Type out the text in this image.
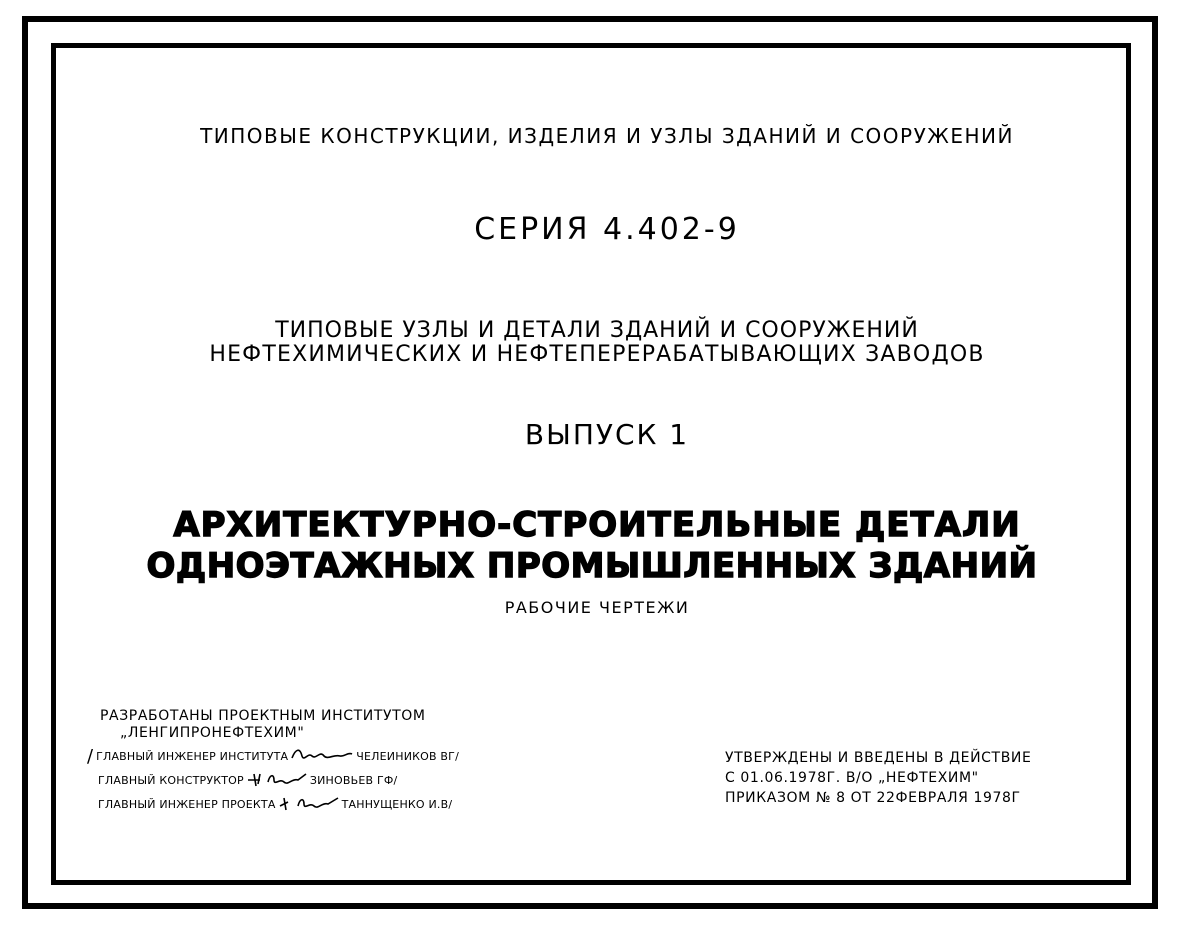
ТИПОВЫЕ КОНСТРУКЦИИ, ИЗДЕЛИЯ И УЗЛЫ ЗДАНИЙ И СООРУЖЕНИЙ
СЕРИЯ 4.402-9
ТИПОВЫЕ УЗЛЫ И ДЕТАЛИ ЗДАНИЙ И СООРУЖЕНИЙ
НЕФТЕХИМИЧЕСКИХ И НЕФТЕПЕРЕРАБАТЫВАЮЩИХ ЗАВОДОВ
ВЫПУСК 1
АРХИТЕКТУРНО-СТРОИТЕЛЬНЫЕ ДЕТАЛИ
ОДНОЭТАЖНЫХ ПРОМЫШЛЕННЫХ ЗДАНИЙ
РАБОЧИЕ ЧЕРТЕЖИ
РАЗРАБОТАНЫ ПРОЕКТНЫМ ИНСТИТУТОМ
„ЛЕНГИПРОНЕФТЕХИМ"
/ ГЛАВНЫЙ ИНЖЕНЕР ИНСТИТУТА	ЧЕЛЕИНИКОВ ВГ/
ГЛАВНЫЙ КОНСТРУКТОР	ЗИНОВЬЕВ ГФ/
ГЛАВНЫЙ ИНЖЕНЕР ПРОЕКТА	ТАННУЩЕНКО И.В/
УТВЕРЖДЕНЫ И ВВЕДЕНЫ В ДЕЙСТВИЕ
С 01.06.1978Г. В/О „НЕФТЕХИМ"
ПРИКАЗОМ № 8 ОТ 22ФЕВРАЛЯ 1978Г
